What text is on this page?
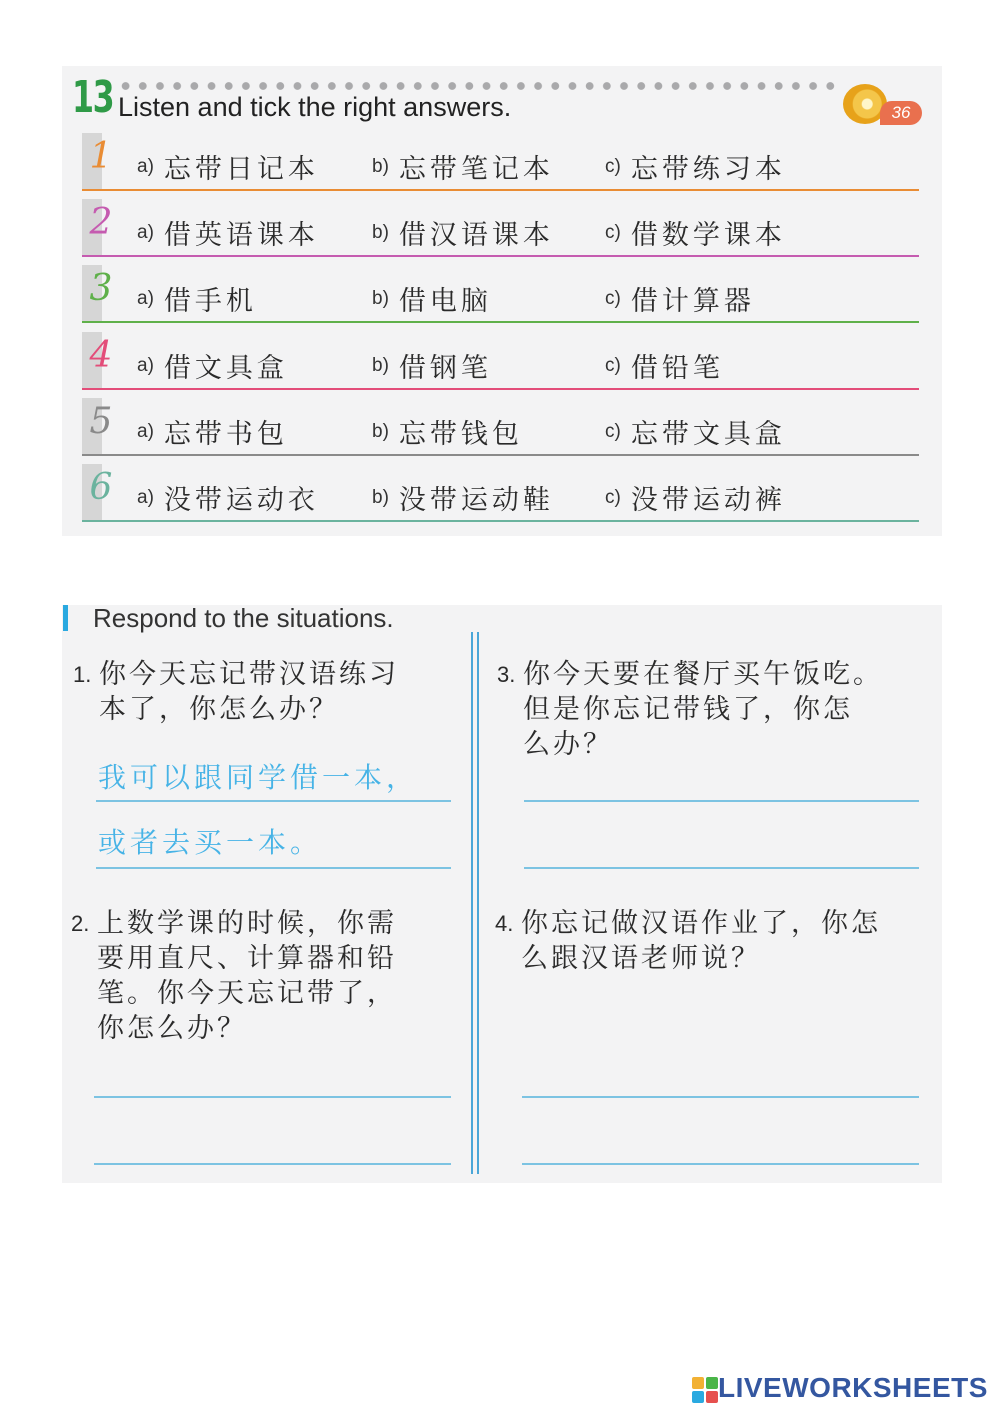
13 Listen and tick the right answers.	36
1 a) 忘带日记本	b) 忘带笔记本	c) 忘带练习本
2 a) 借英语课本	b) 借汉语课本	c) 借数学课本
3 a) 借手机	b) 借电脑	c) 借计算器
4 a) 借文具盒	b) 借钢笔	c) 借铅笔
5 a) 忘带书包	b) 忘带钱包	c) 忘带文具盒
6 a) 没带运动衣	b) 没带运动鞋	c) 没带运动裤
Respond to the situations.
1. 你今天忘记带汉语练习
本了，你怎么办？
2. 上数学课的时候，你需
要用直尺、计算器和铅
笔。你今天忘记带了，
你怎么办？
3. 你今天要在餐厅买午饭吃。
但是你忘记带钱了，你怎
么办？
4. 你忘记做汉语作业了，你怎
么跟汉语老师说？
我可以跟同学借一本，
或者去买一本。
LIVEWORKSHEETS
